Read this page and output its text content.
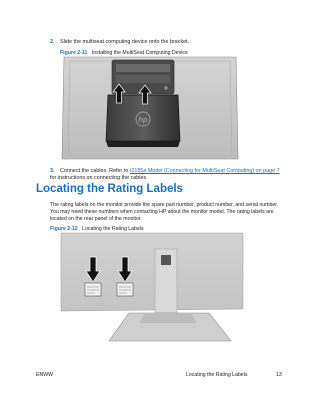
2. Slide the multiseat computing device onto the bracket.
Figure 2-11 Installing the MultiSeat Computing Device
hp
3. Connect the cables. Refer to t2185a Model (Connecting for MultiSeat Computing) on page 7 for instructions on connecting the cables.
Locating the Rating Labels
The rating labels on the monitor provide the spare part number, product number, and serial number. You may need these numbers when contacting HP about the monitor model. The rating labels are located on the rear panel of the monitor.
Figure 2-12 Locating the Rating Labels
ENWW	Locating the Rating Labels	13
